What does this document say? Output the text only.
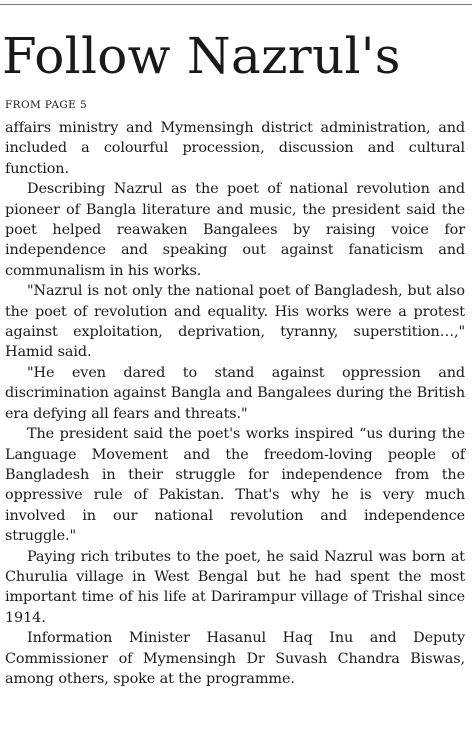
Follow Nazrul's
FROM PAGE 5

affairs ministry and Mymensingh district administration, and included a colourful procession, discussion and cultural function.

Describing Nazrul as the poet of national revolution and pioneer of Bangla literature and music, the president said the poet helped reawaken Bangalees by raising voice for independence and speaking out against fanaticism and communalism in his works.

"Nazrul is not only the national poet of Bangladesh, but also the poet of revolution and equality. His works were a protest against exploitation, deprivation, tyranny, superstition…," Hamid said.

"He even dared to stand against oppression and discrimination against Bangla and Bangalees during the British era defying all fears and threats."

The president said the poet's works inspired “us during the Language Movement and the freedom-loving people of Bangladesh in their struggle for independence from the oppressive rule of Pakistan. That's why he is very much involved in our national revolution and independence struggle."

Paying rich tributes to the poet, he said Nazrul was born at Churulia village in West Bengal but he had spent the most important time of his life at Darirampur village of Trishal since 1914.

Information Minister Hasanul Haq Inu and Deputy Commissioner of Mymensingh Dr Suvash Chandra Biswas, among others, spoke at the programme.
